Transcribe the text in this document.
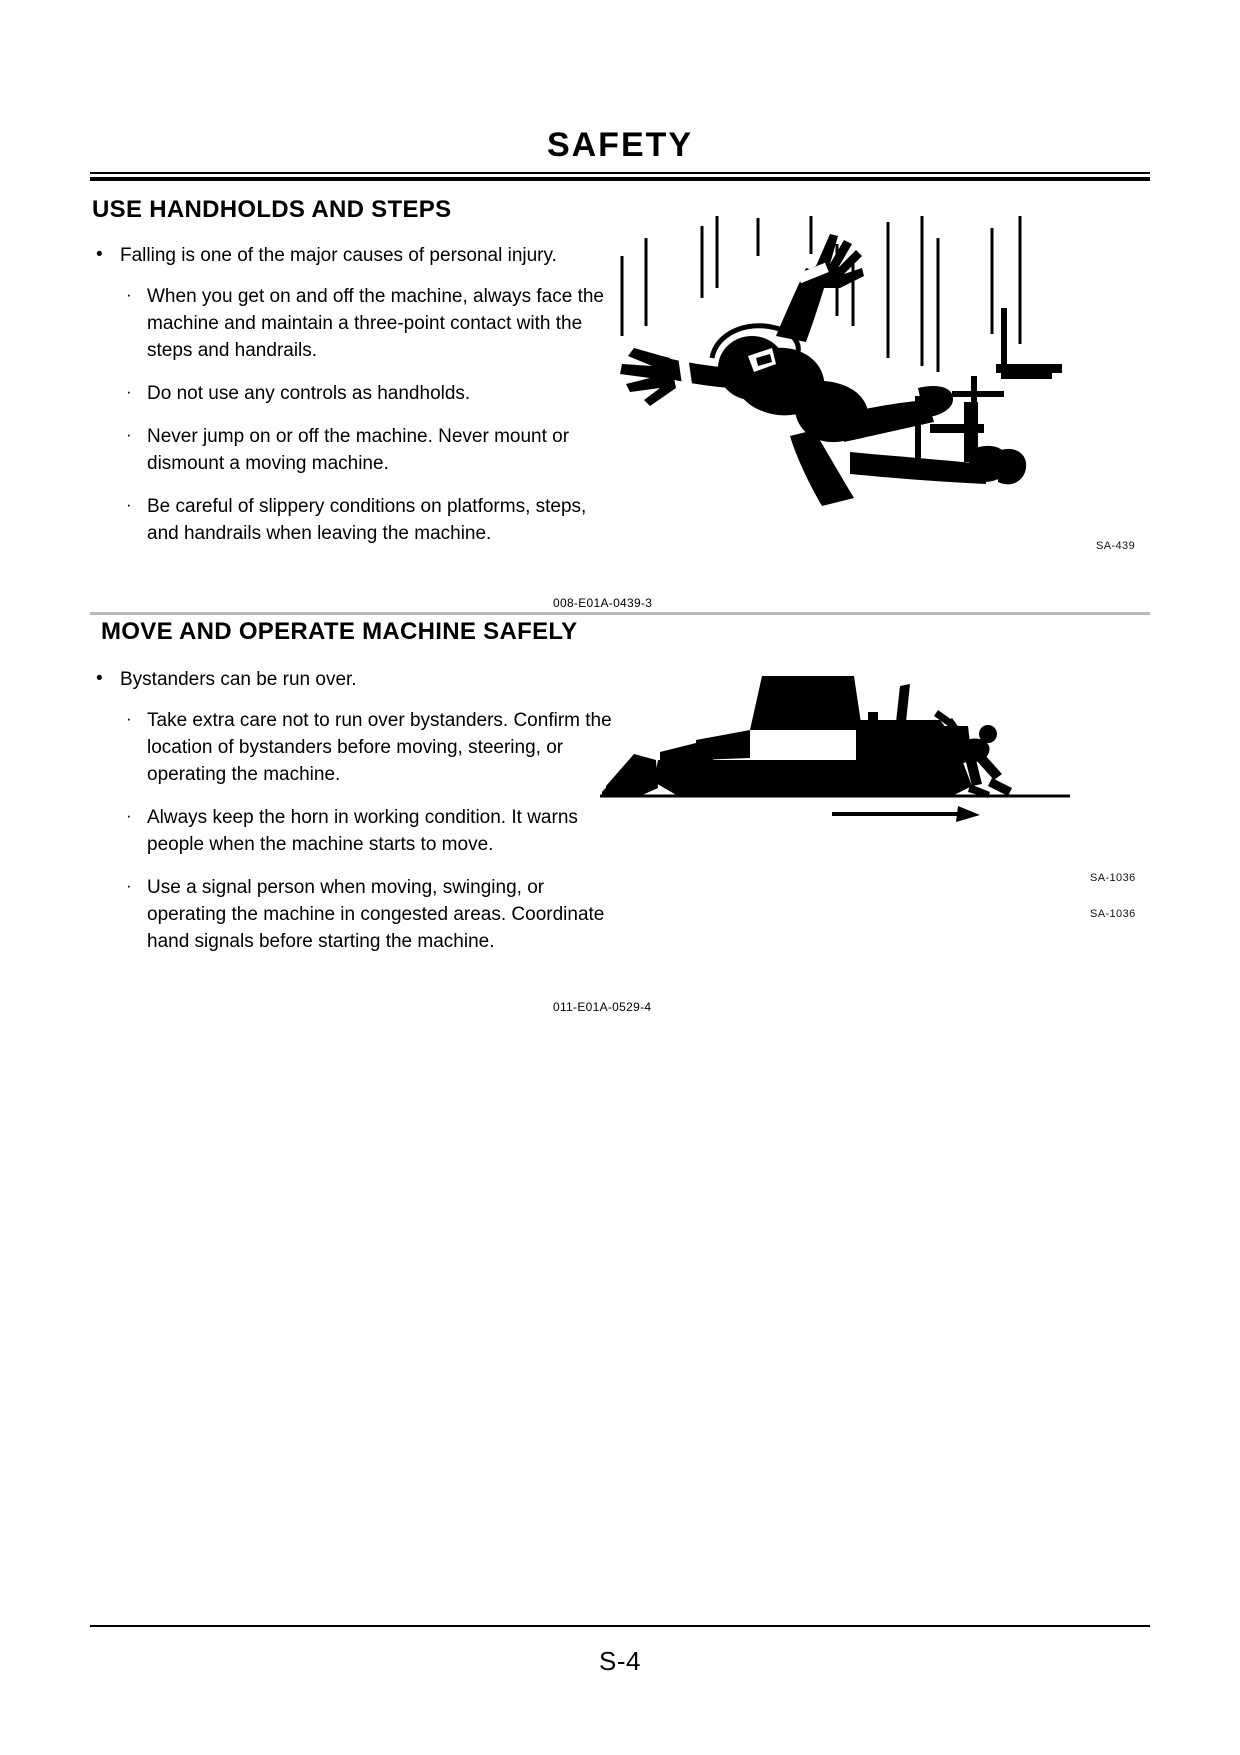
SAFETY
USE HANDHOLDS AND STEPS
• Falling is one of the major causes of personal injury.
· When you get on and off the machine, always face the machine and maintain a three-point contact with the steps and handrails.
· Do not use any controls as handholds.
· Never jump on or off the machine. Never mount or dismount a moving machine.
· Be careful of slippery conditions on platforms, steps, and handrails when leaving the machine.
SA-439
008-E01A-0439-3
MOVE AND OPERATE MACHINE SAFELY
• Bystanders can be run over.
· Take extra care not to run over bystanders. Confirm the location of bystanders before moving, steering, or operating the machine.
· Always keep the horn in working condition. It warns people when the machine starts to move.
· Use a signal person when moving, swinging, or operating the machine in congested areas. Coordinate hand signals before starting the machine.
SA-1036
SA-1036
011-E01A-0529-4
S-4
